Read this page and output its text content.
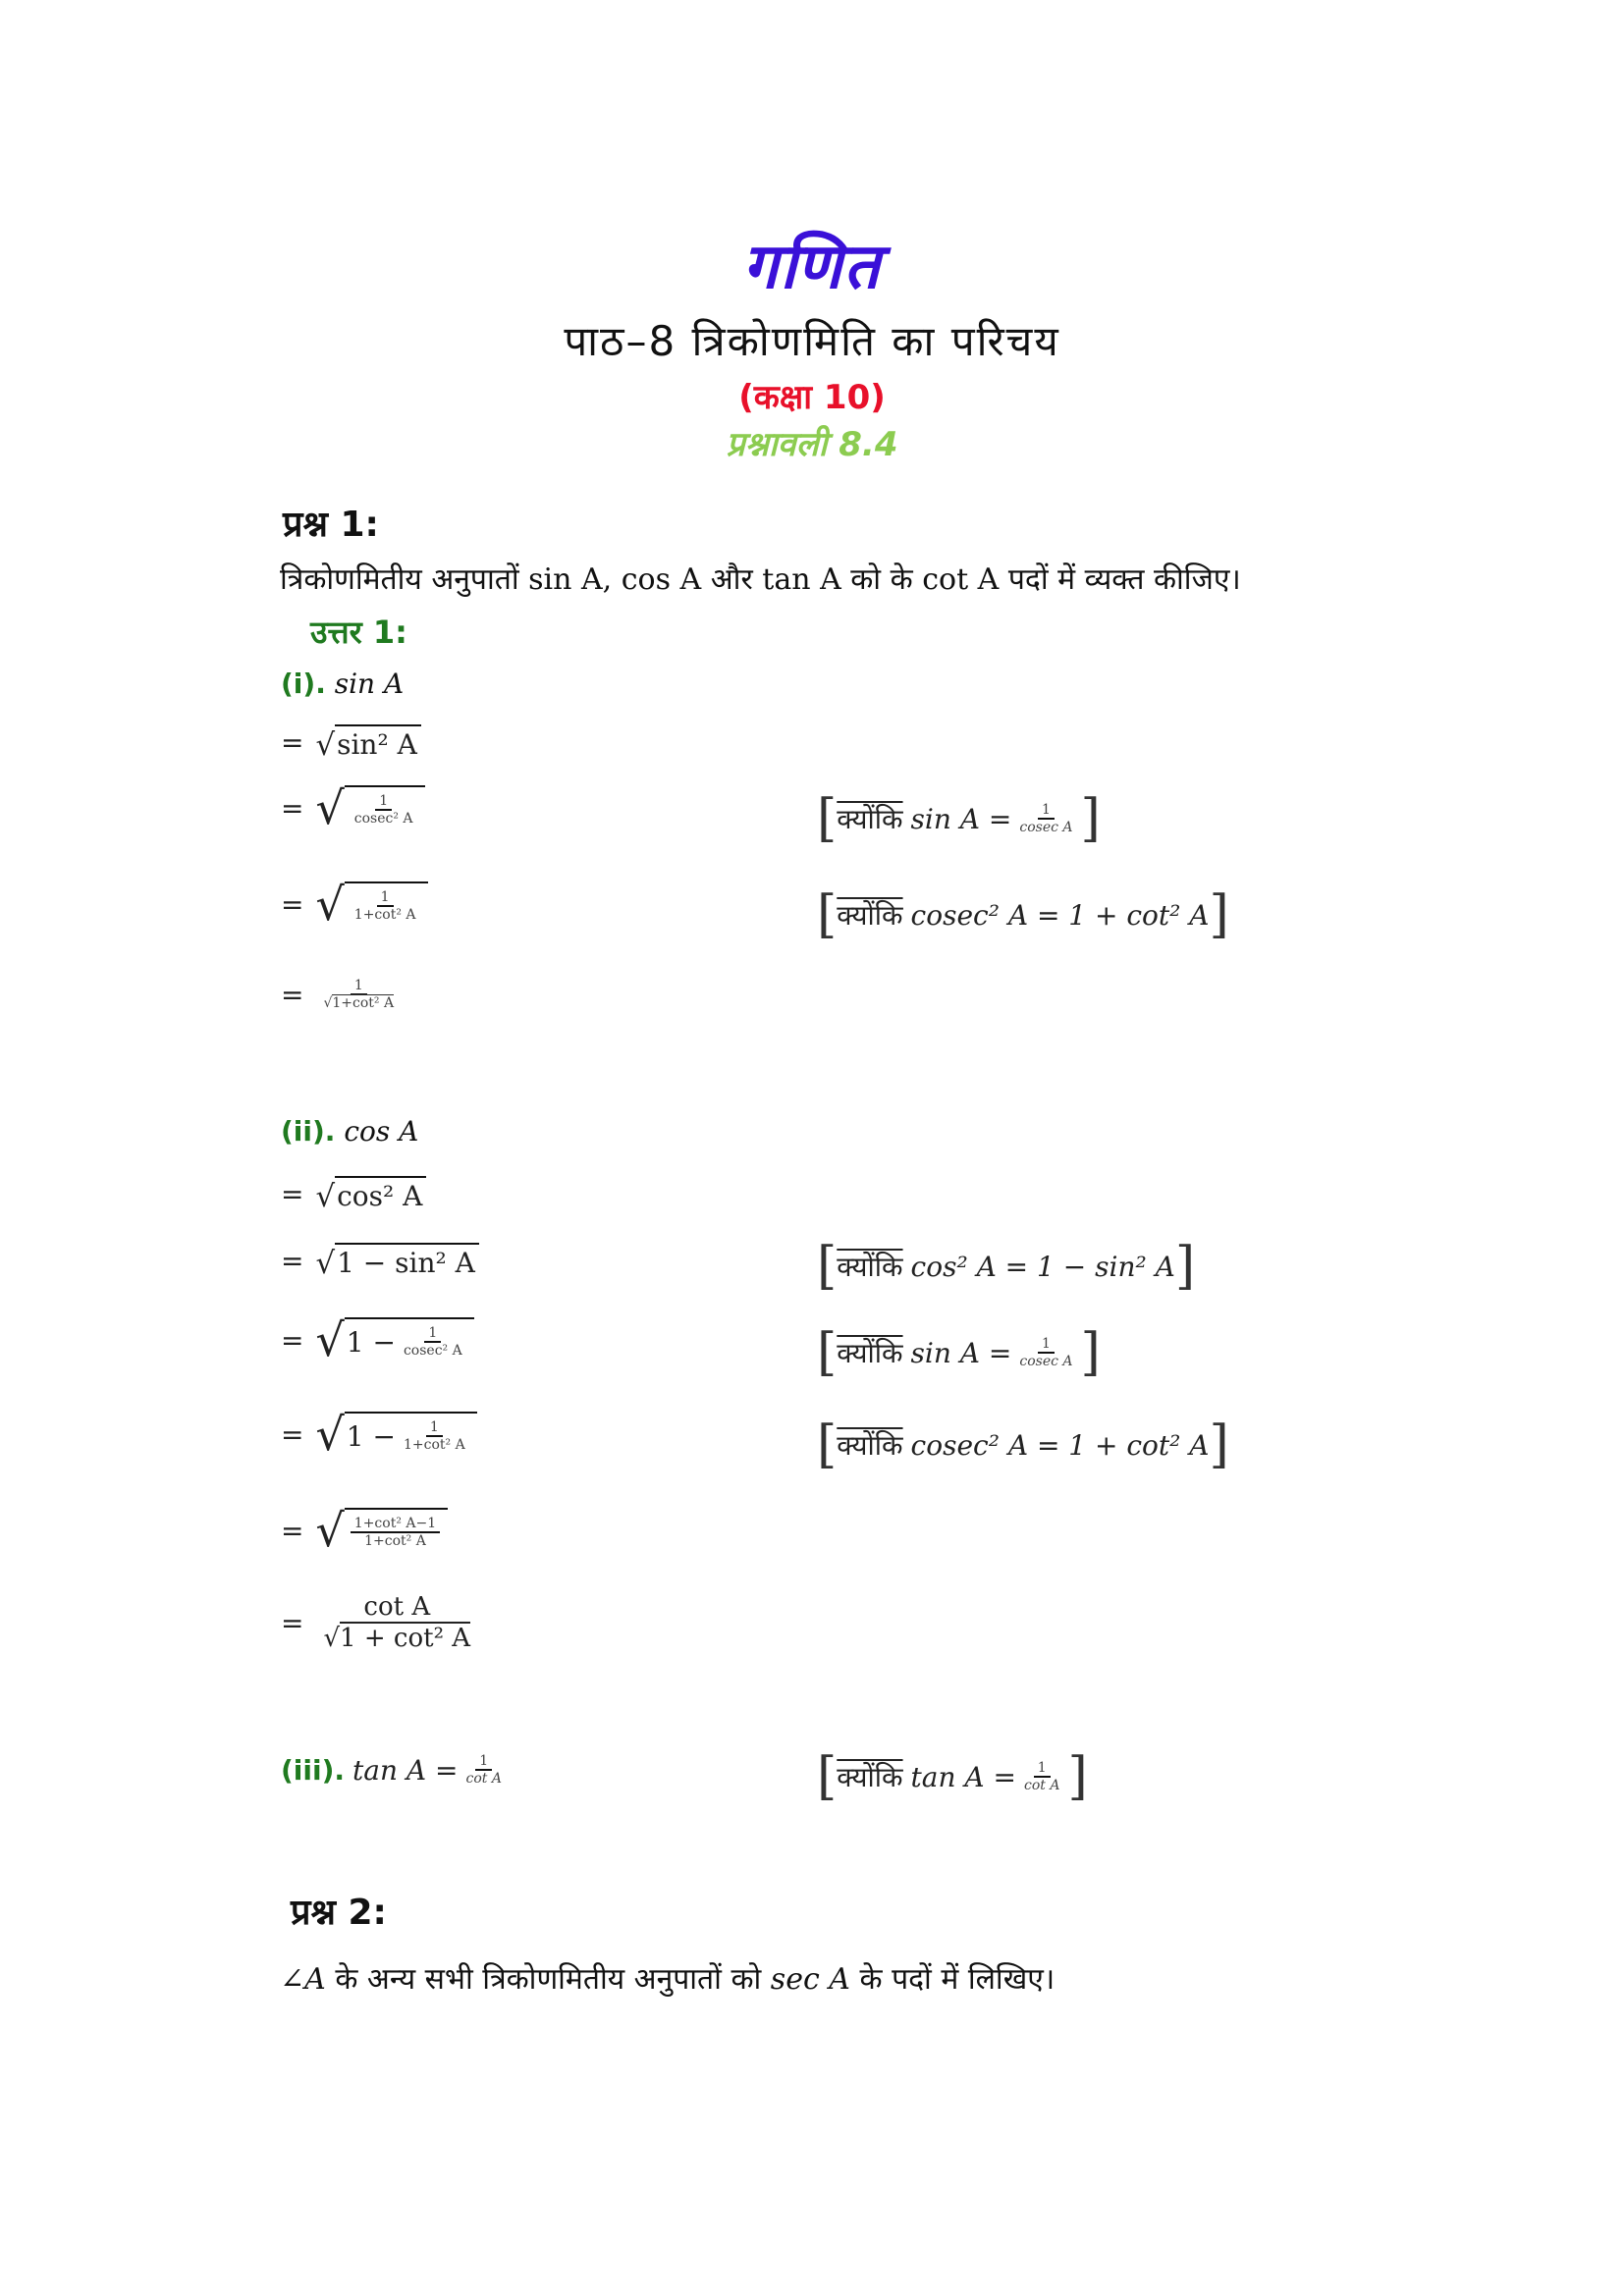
गणित
पाठ–8 त्रिकोणमिति का परिचय
(कक्षा 10)
प्रश्नावली 8.4
प्रश्न 1:
त्रिकोणमितीय अनुपातों sin A, cos A और tan A को के cot A पदों में व्यक्त कीजिए।
उत्तर 1:
(i). sin A
= √ sin² A
= √ $\frac{1}{\text{cosec² A}}$	[ क्योंकि $\sin A = \frac{1}{\text{cosec A}}$ ]
= √ $\frac{1}{\text{1+cot² A}}$	[ क्योंकि cosec² A = 1 + cot² A ]
= $\frac{1}{\text{√1+cot² A}}$
(ii). cos A
= √ cos² A
= √ 1 − sin² A	[ क्योंकि cos² A = 1 − sin² A ]
= √ $1 - \frac{1}{\text{cosec² A}}$	[ क्योंकि $\sin A = \frac{1}{\text{cosec A}}$ ]
= √ $1 - \frac{1}{\text{1+cot² A}}$	[ क्योंकि cosec² A = 1 + cot² A ]
= √ $\frac{\text{1+cot² A−1}}{\text{1+cot² A}}$
= $\frac{\text{cot A}}{\text{√1 + cot² A}}$
(iii). $\tan A = \frac{1}{\text{cot A}}$	[ क्योंकि $\tan A = \frac{1}{\text{cot A}}$ ]
प्रश्न 2:
∠A के अन्य सभी त्रिकोणमितीय अनुपातों को sec A के पदों में लिखिए।
